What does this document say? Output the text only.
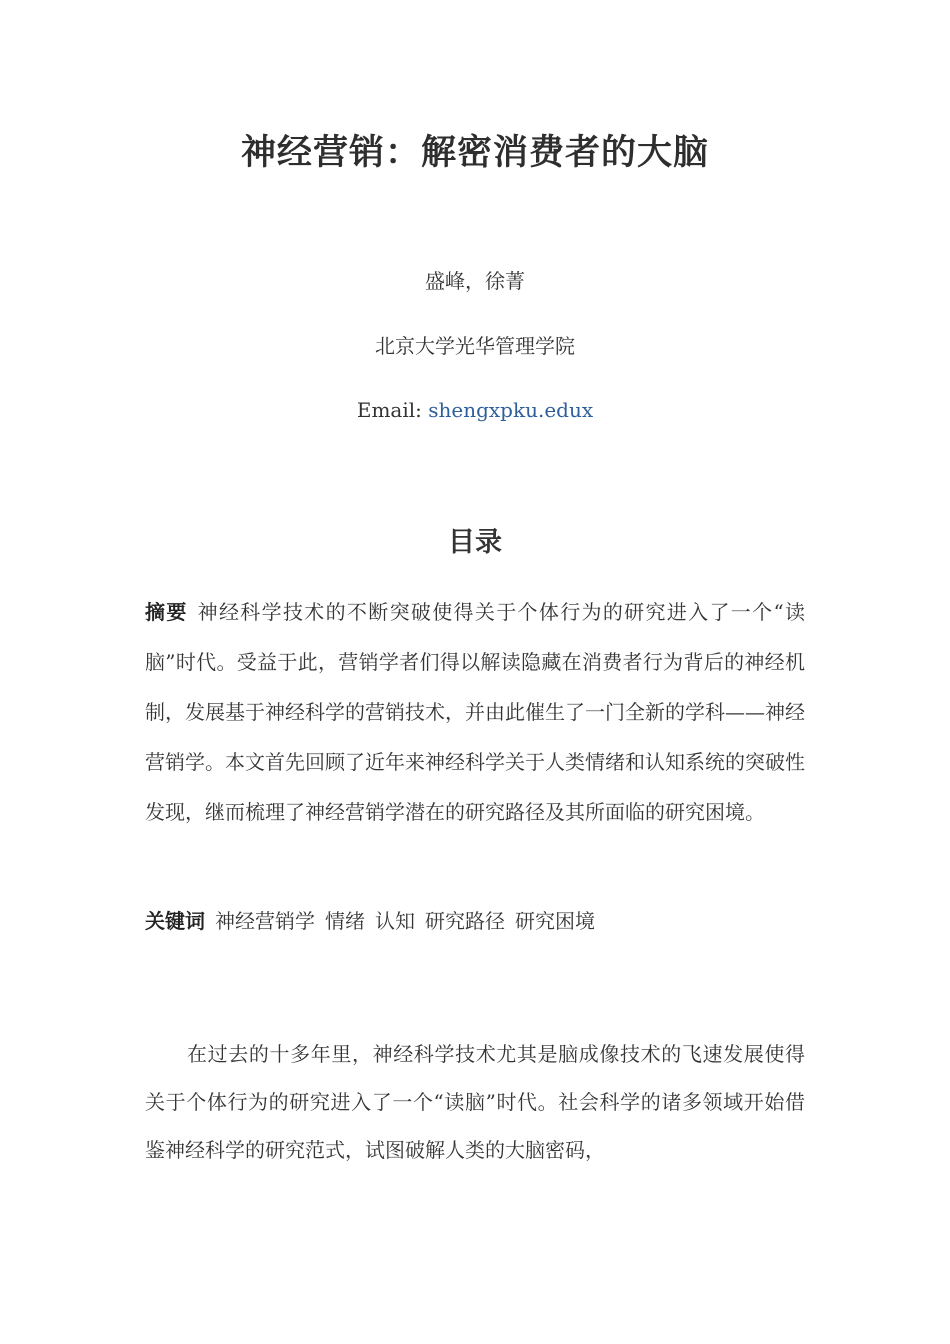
神经营销：解密消费者的大脑
盛峰，徐菁
北京大学光华管理学院
Email: shengxpku.edux
目录
摘要 神经科学技术的不断突破使得关于个体行为的研究进入了一个“读脑”时代。受益于此，营销学者们得以解读隐藏在消费者行为背后的神经机制，发展基于神经科学的营销技术，并由此催生了一门全新的学科——神经营销学。本文首先回顾了近年来神经科学关于人类情绪和认知系统的突破性发现，继而梳理了神经营销学潜在的研究路径及其所面临的研究困境。
关键词 神经营销学 情绪 认知 研究路径 研究困境
在过去的十多年里，神经科学技术尤其是脑成像技术的飞速发展使得关于个体行为的研究进入了一个“读脑”时代。社会科学的诸多领域开始借鉴神经科学的研究范式，试图破解人类的大脑密码，
